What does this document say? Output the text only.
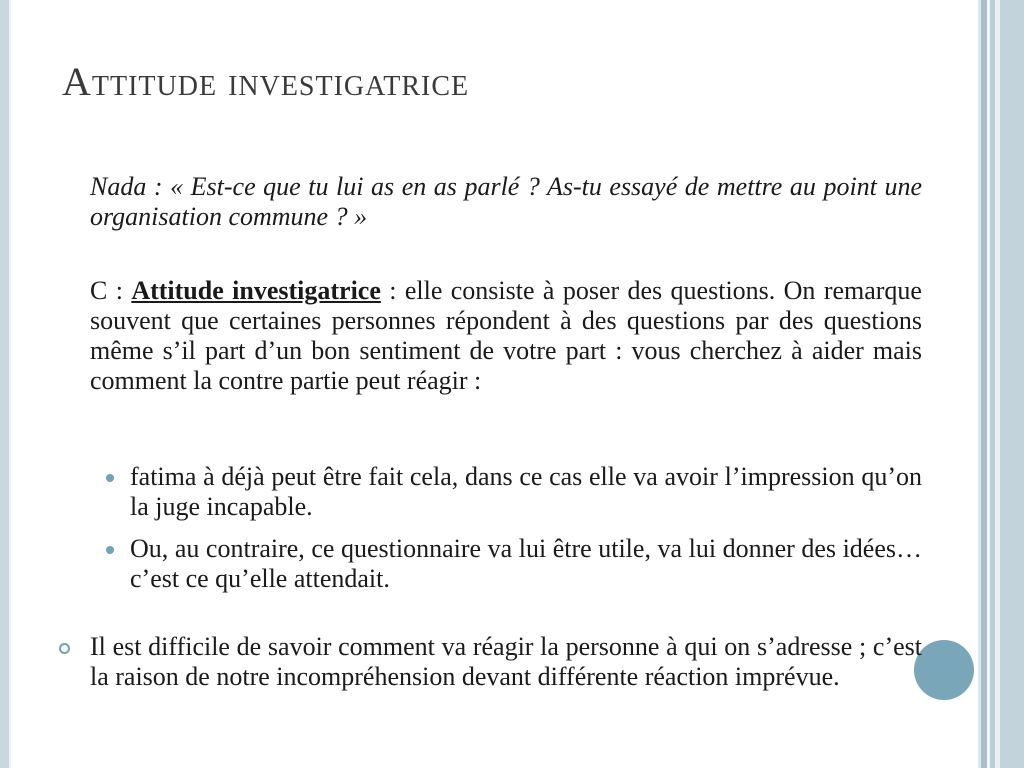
Attitude investigatrice

Nada : « Est-ce que tu lui as en as parlé ? As-tu essayé de mettre au point une organisation commune ? »

C : Attitude investigatrice : elle consiste à poser des questions. On remarque souvent que certaines personnes répondent à des questions par des questions même s’il part d’un bon sentiment de votre part : vous cherchez à aider mais comment la contre partie peut réagir :

fatima à déjà peut être fait cela, dans ce cas elle va avoir l’impression qu’on la juge incapable.
Ou, au contraire, ce questionnaire va lui être utile, va lui donner des idées… c’est ce qu’elle attendait.

Il est difficile de savoir comment va réagir la personne à qui on s’adresse ; c’est la raison de notre incompréhension devant différente réaction imprévue.
